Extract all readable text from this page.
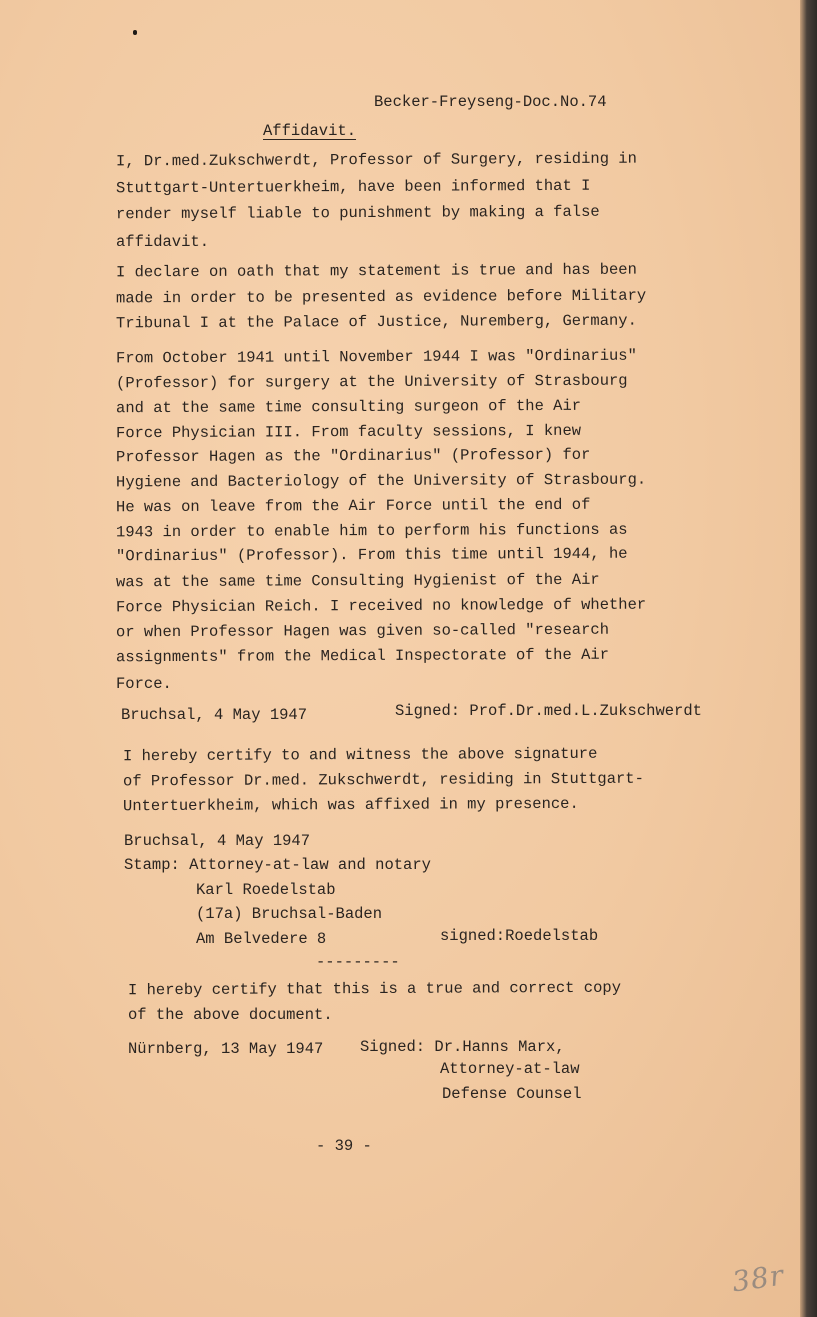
Becker-Freyseng-Doc.No.74
Affidavit.
I, Dr.med.Zukschwerdt, Professor of Surgery, residing in
Stuttgart-Untertuerkheim, have been informed that I
render myself liable to punishment by making a false
affidavit.
I declare on oath that my statement is true and has been
made in order to be presented as evidence before Military
Tribunal I at the Palace of Justice, Nuremberg, Germany.
From October 1941 until November 1944 I was "Ordinarius"
(Professor) for surgery at the University of Strasbourg
and at the same time consulting surgeon of the Air
Force Physician III. From faculty sessions, I knew
Professor Hagen as the "Ordinarius" (Professor) for
Hygiene and Bacteriology of the University of Strasbourg.
He was on leave from the Air Force until the end of
1943 in order to enable him to perform his functions as
"Ordinarius" (Professor). From this time until 1944, he
was at the same time Consulting Hygienist of the Air
Force Physician Reich. I received no knowledge of whether
or when Professor Hagen was given so-called "research
assignments" from the Medical Inspectorate of the Air
Force.
Bruchsal, 4 May 1947	Signed: Prof.Dr.med.L.Zukschwerdt
I hereby certify to and witness the above signature
of Professor Dr.med. Zukschwerdt, residing in Stuttgart-
Untertuerkheim, which was affixed in my presence.
Bruchsal, 4 May 1947
Stamp: Attorney-at-law and notary
Karl Roedelstab
(17a) Bruchsal-Baden
Am Belvedere 8	signed:Roedelstab
---------
I hereby certify that this is a true and correct copy
of the above document.
Nürnberg, 13 May 1947 Signed: Dr.Hanns Marx,
Attorney-at-law
Defense Counsel
- 39 -
38r
